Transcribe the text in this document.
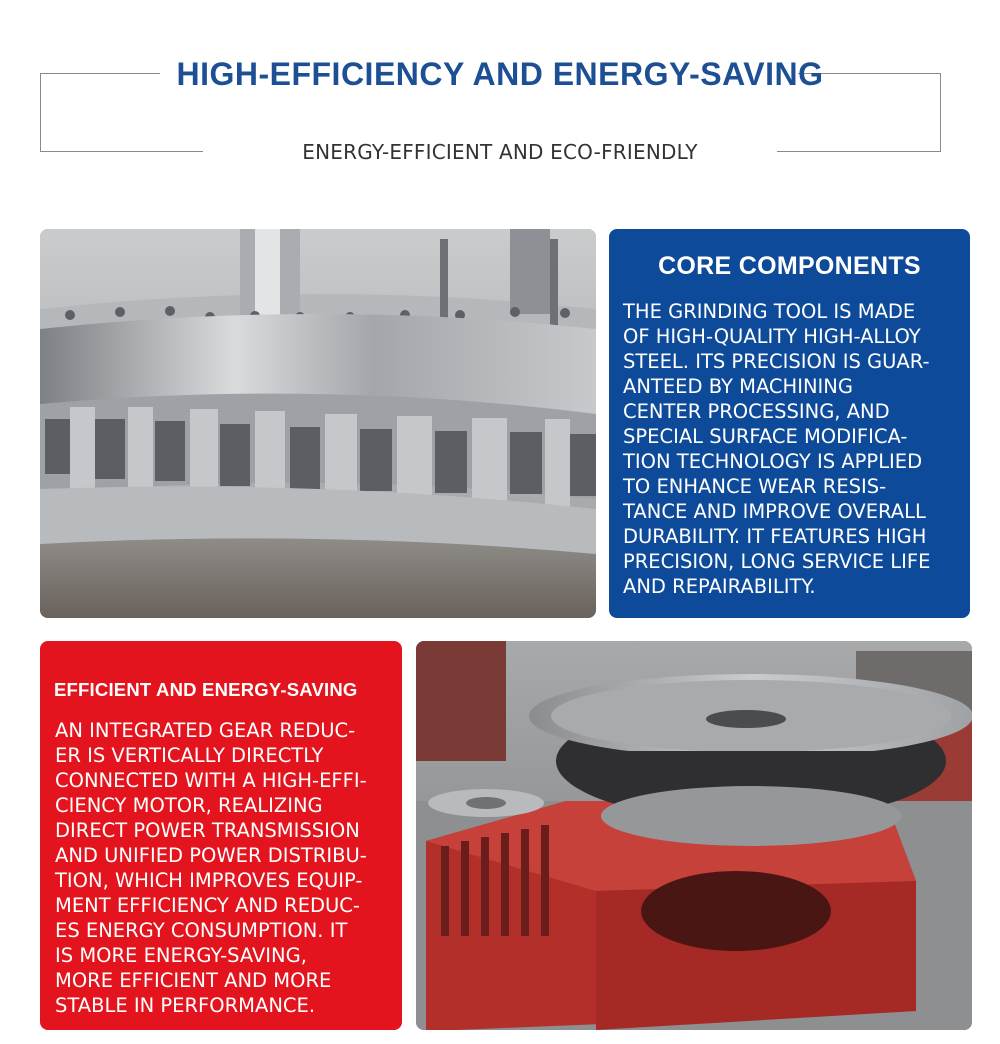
HIGH-EFFICIENCY AND ENERGY-SAVING
ENERGY-EFFICIENT AND ECO-FRIENDLY
CORE COMPONENTS
THE GRINDING TOOL IS MADE
OF HIGH-QUALITY HIGH-ALLOY
STEEL. ITS PRECISION IS GUAR-
ANTEED BY MACHINING
CENTER PROCESSING, AND
SPECIAL SURFACE MODIFICA-
TION TECHNOLOGY IS APPLIED
TO ENHANCE WEAR RESIS-
TANCE AND IMPROVE OVERALL
DURABILITY. IT FEATURES HIGH
PRECISION, LONG SERVICE LIFE
AND REPAIRABILITY.
EFFICIENT AND ENERGY-SAVING
AN INTEGRATED GEAR REDUC-
ER IS VERTICALLY DIRECTLY
CONNECTED WITH A HIGH-EFFI-
CIENCY MOTOR, REALIZING
DIRECT POWER TRANSMISSION
AND UNIFIED POWER DISTRIBU-
TION, WHICH IMPROVES EQUIP-
MENT EFFICIENCY AND REDUC-
ES ENERGY CONSUMPTION. IT
IS MORE ENERGY-SAVING,
MORE EFFICIENT AND MORE
STABLE IN PERFORMANCE.
